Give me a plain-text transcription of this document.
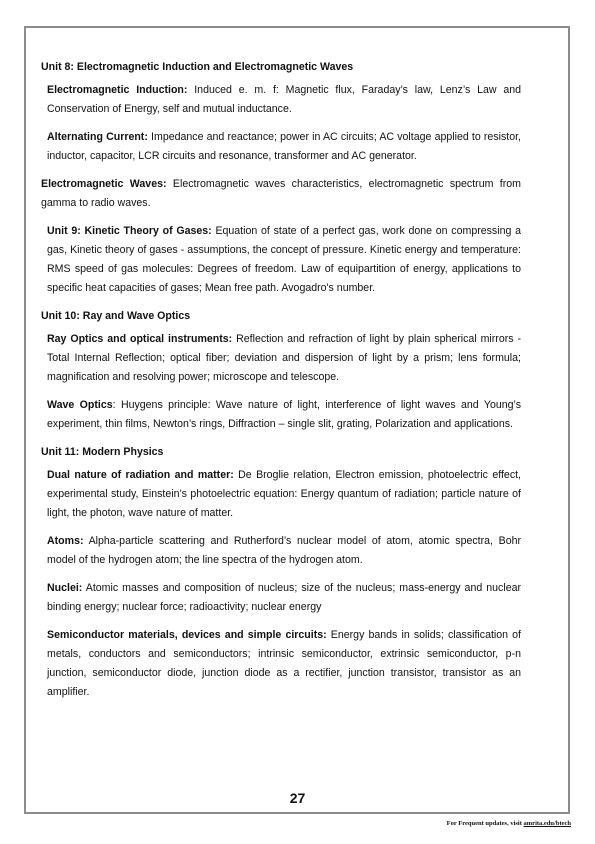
Unit 8: Electromagnetic Induction and Electromagnetic Waves

Electromagnetic Induction: Induced e. m. f: Magnetic flux, Faraday’s law, Lenz’s Law and Conservation of Energy, self and mutual inductance.

Alternating Current: Impedance and reactance; power in AC circuits; AC voltage applied to resistor, inductor, capacitor, LCR circuits and resonance, transformer and AC generator.

Electromagnetic Waves: Electromagnetic waves characteristics, electromagnetic spectrum from gamma to radio waves.

Unit 9: Kinetic Theory of Gases: Equation of state of a perfect gas, work done on compressing a gas, Kinetic theory of gases - assumptions, the concept of pressure. Kinetic energy and temperature: RMS speed of gas molecules: Degrees of freedom. Law of equipartition of energy, applications to specific heat capacities of gases; Mean free path. Avogadro's number.

Unit 10: Ray and Wave Optics

Ray Optics and optical instruments: Reflection and refraction of light by plain spherical mirrors - Total Internal Reflection; optical fiber; deviation and dispersion of light by a prism; lens formula; magnification and resolving power; microscope and telescope.

Wave Optics: Huygens principle: Wave nature of light, interference of light waves and Young’s experiment, thin films, Newton’s rings, Diffraction – single slit, grating, Polarization and applications.

Unit 11: Modern Physics

Dual nature of radiation and matter: De Broglie relation, Electron emission, photoelectric effect, experimental study, Einstein’s photoelectric equation: Energy quantum of radiation; particle nature of light, the photon, wave nature of matter.

Atoms: Alpha-particle scattering and Rutherford’s nuclear model of atom, atomic spectra, Bohr model of the hydrogen atom; the line spectra of the hydrogen atom.

Nuclei: Atomic masses and composition of nucleus; size of the nucleus; mass-energy and nuclear binding energy; nuclear force; radioactivity; nuclear energy

Semiconductor materials, devices and simple circuits: Energy bands in solids; classification of metals, conductors and semiconductors; intrinsic semiconductor, extrinsic semiconductor, p-n junction, semiconductor diode, junction diode as a rectifier, junction transistor, transistor as an amplifier.

27
For Frequent updates, visit amrita.edu/btech
